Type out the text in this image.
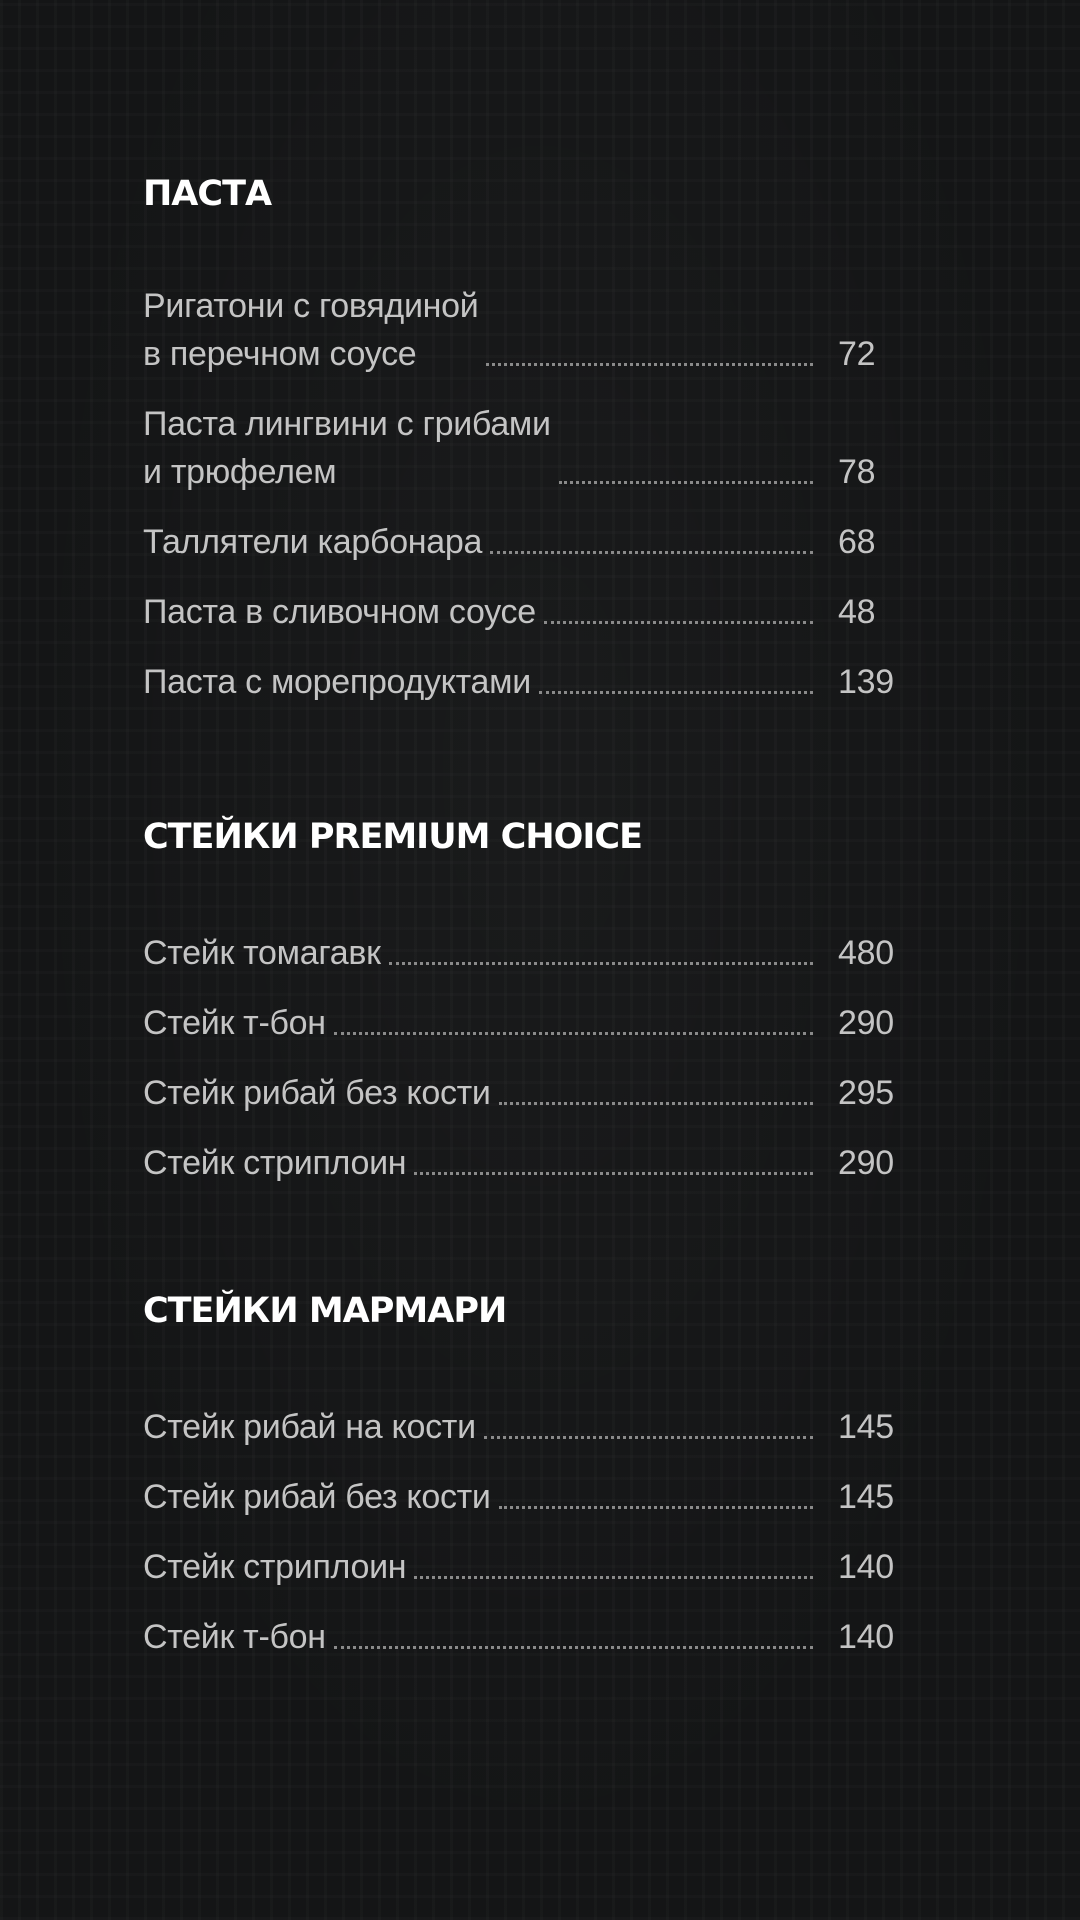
ПАСТА
Ригатони с говядиной
в перечном соусе	72
Паста лингвини с грибами
и трюфелем	78
Таллятели карбонара	68
Паста в сливочном соусе	48
Паста с морепродуктами	139
СТЕЙКИ PREMIUM CHOICE
Стейк томагавк	480
Стейк т-бон	290
Стейк рибай без кости	295
Стейк стриплоин	290
СТЕЙКИ МАРМАРИ
Стейк рибай на кости	145
Стейк рибай без кости	145
Стейк стриплоин	140
Стейк т-бон	140
